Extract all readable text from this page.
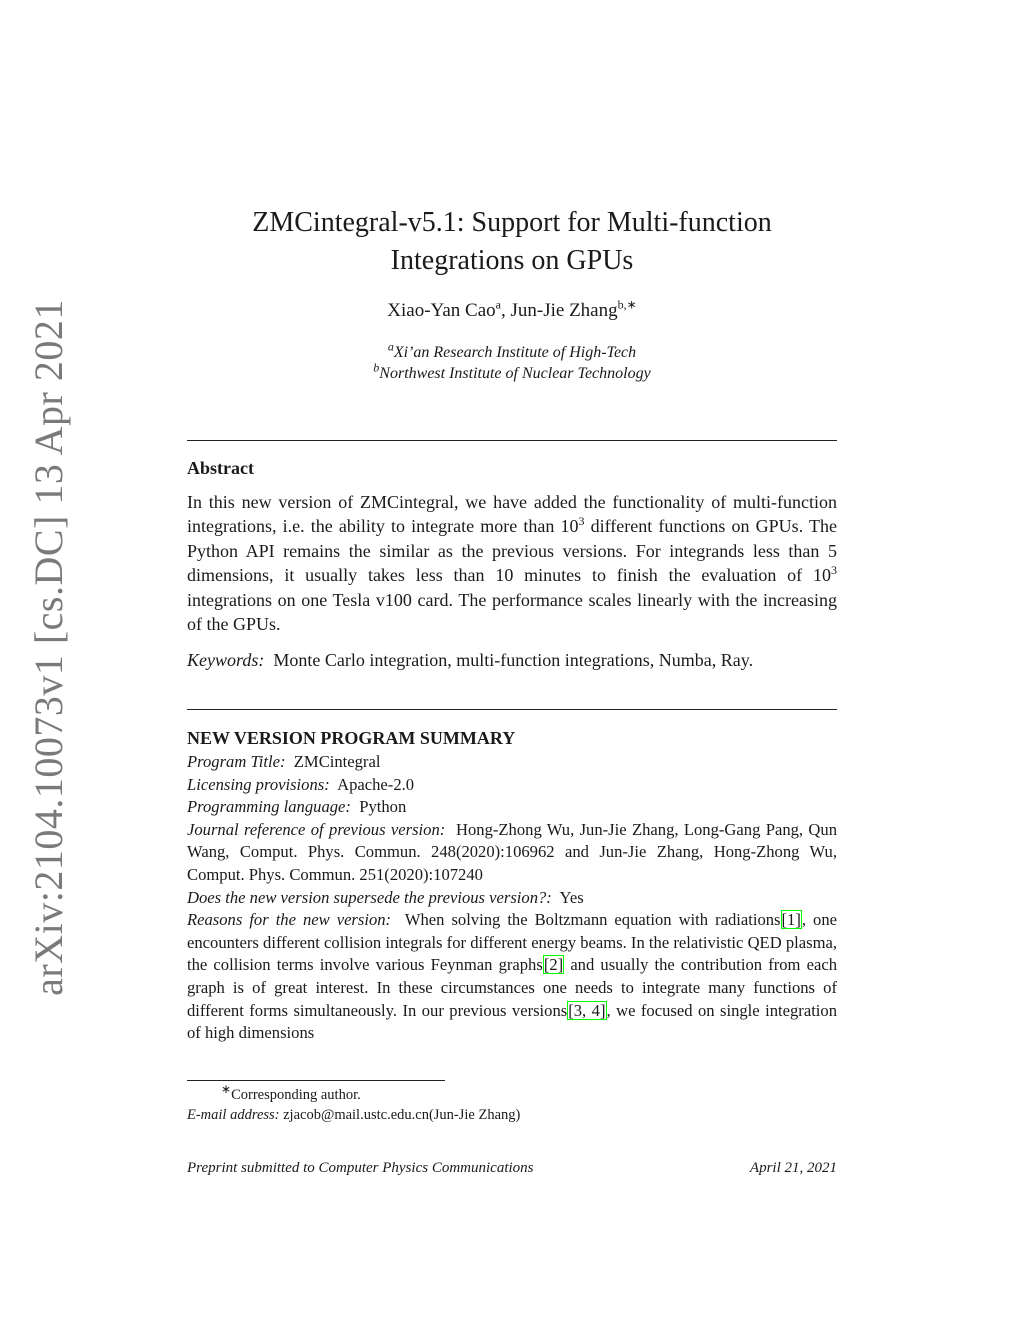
arXiv:2104.10073v1 [cs.DC] 13 Apr 2021
ZMCintegral-v5.1: Support for Multi-function Integrations on GPUs
Xiao-Yan Cao$^a$, Jun-Jie Zhang$^{b,∗}$
$^a$Xi’an Research Institute of High-Tech
$^b$Northwest Institute of Nuclear Technology
Abstract
In this new version of ZMCintegral, we have added the functionality of multi-function integrations, i.e. the ability to integrate more than $10^3$ different functions on GPUs. The Python API remains the similar as the previous versions. For integrands less than 5 dimensions, it usually takes less than 10 minutes to finish the evaluation of $10^3$ integrations on one Tesla v100 card. The performance scales linearly with the increasing of the GPUs.
Keywords: Monte Carlo integration, multi-function integrations, Numba, Ray.
NEW VERSION PROGRAM SUMMARY

Program Title: ZMCintegral

Licensing provisions: Apache-2.0

Programming language: Python

Journal reference of previous version: Hong-Zhong Wu, Jun-Jie Zhang, Long-Gang Pang, Qun Wang, Comput. Phys. Commun. 248(2020):106962 and Jun-Jie Zhang, Hong-Zhong Wu, Comput. Phys. Commun. 251(2020):107240

Does the new version supersede the previous version?: Yes

Reasons for the new version: When solving the Boltzmann equation with radiations[1], one encounters different collision integrals for different energy beams. In the relativistic QED plasma, the collision terms involve various Feynman graphs[2] and usually the contribution from each graph is of great interest. In these circumstances one needs to integrate many functions of different forms simultaneously. In our previous versions[3, 4], we focused on single integration of high dimensions

∗Corresponding author.
E-mail address: zjacob@mail.ustc.edu.cn(Jun-Jie Zhang)
Preprint submitted to Computer Physics Communications	April 21, 2021
